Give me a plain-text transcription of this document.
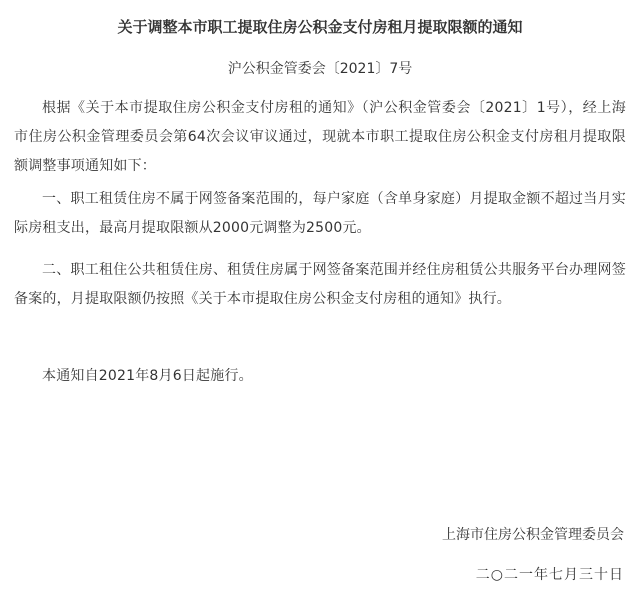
关于调整本市职工提取住房公积金支付房租月提取限额的通知
沪公积金管委会〔2021〕7号

根据《关于本市提取住房公积金支付房租的通知》（沪公积金管委会〔2021〕1号），经上海市住房公积金管理委员会第64次会议审议通过，现就本市职工提取住房公积金支付房租月提取限额调整事项通知如下：

一、职工租赁住房不属于网签备案范围的，每户家庭（含单身家庭）月提取金额不超过当月实际房租支出，最高月提取限额从2000元调整为2500元。

二、职工租住公共租赁住房、租赁住房属于网签备案范围并经住房租赁公共服务平台办理网签备案的，月提取限额仍按照《关于本市提取住房公积金支付房租的通知》执行。

本通知自2021年8月6日起施行。

上海市住房公积金管理委员会
二○二一年七月三十日
